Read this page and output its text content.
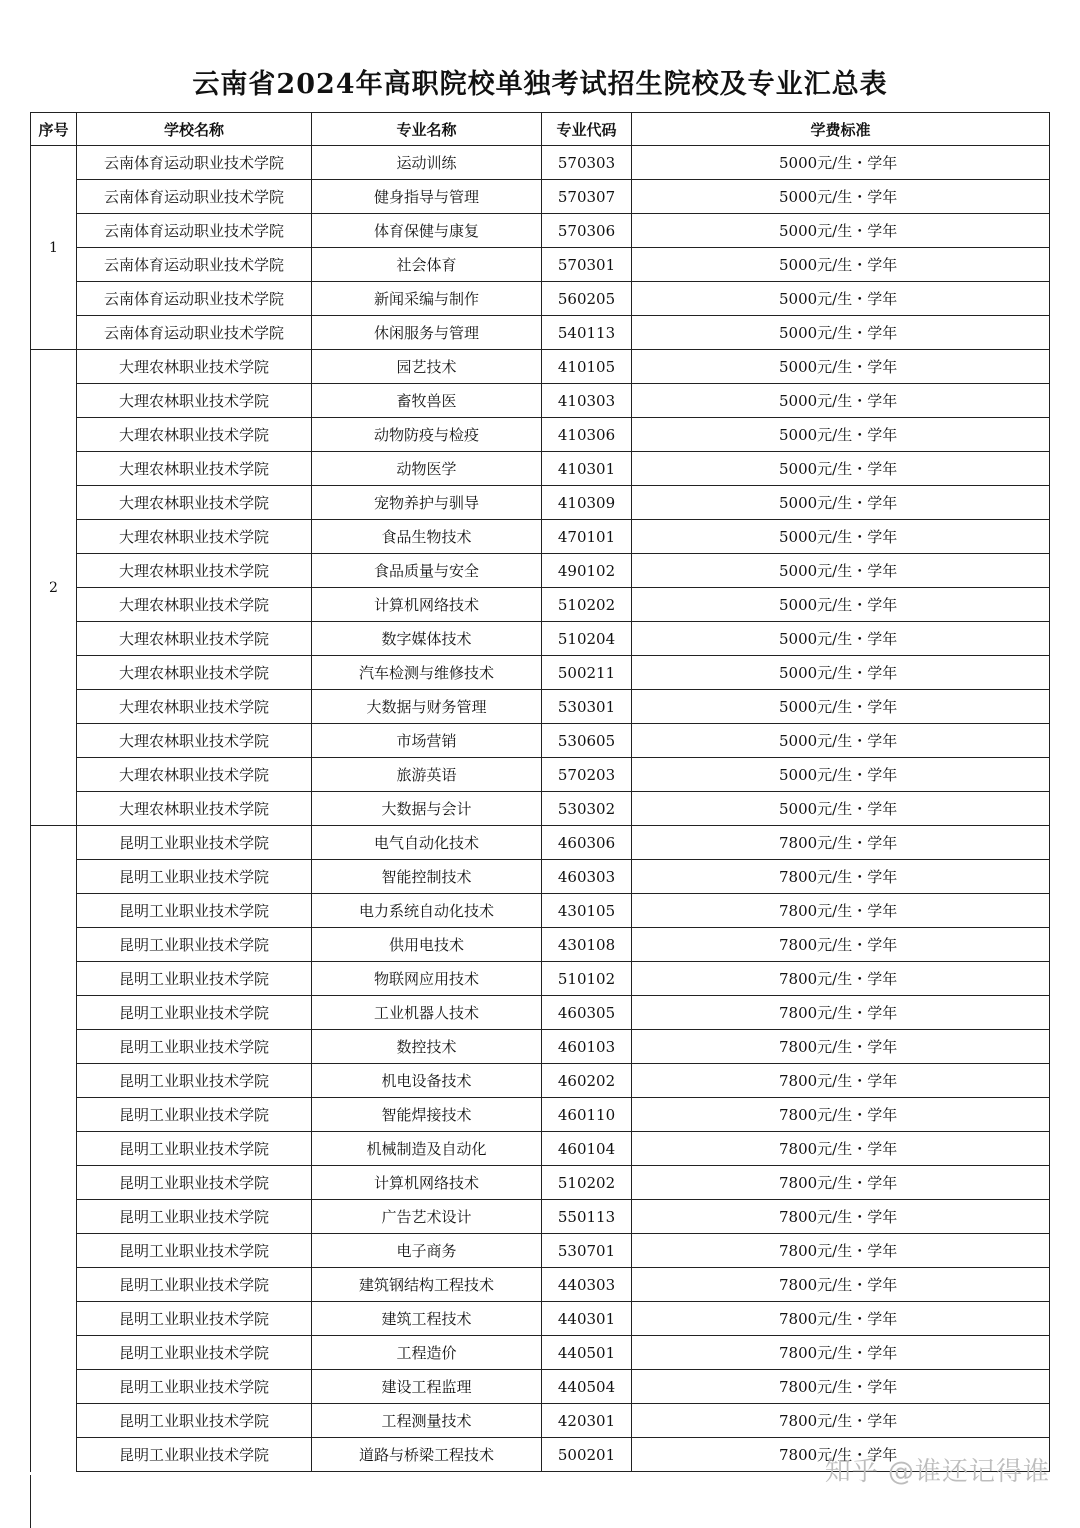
云南省2024年高职院校单独考试招生院校及专业汇总表
序号	学校名称	专业名称	专业代码	学费标准
1	云南体育运动职业技术学院	运动训练	570303	5000元/生・学年
	云南体育运动职业技术学院	健身指导与管理	570307	5000元/生・学年
	云南体育运动职业技术学院	体育保健与康复	570306	5000元/生・学年
	云南体育运动职业技术学院	社会体育	570301	5000元/生・学年
	云南体育运动职业技术学院	新闻采编与制作	560205	5000元/生・学年
	云南体育运动职业技术学院	休闲服务与管理	540113	5000元/生・学年
2	大理农林职业技术学院	园艺技术	410105	5000元/生・学年
	大理农林职业技术学院	畜牧兽医	410303	5000元/生・学年
	大理农林职业技术学院	动物防疫与检疫	410306	5000元/生・学年
	大理农林职业技术学院	动物医学	410301	5000元/生・学年
	大理农林职业技术学院	宠物养护与驯导	410309	5000元/生・学年
	大理农林职业技术学院	食品生物技术	470101	5000元/生・学年
	大理农林职业技术学院	食品质量与安全	490102	5000元/生・学年
	大理农林职业技术学院	计算机网络技术	510202	5000元/生・学年
	大理农林职业技术学院	数字媒体技术	510204	5000元/生・学年
	大理农林职业技术学院	汽车检测与维修技术	500211	5000元/生・学年
	大理农林职业技术学院	大数据与财务管理	530301	5000元/生・学年
	大理农林职业技术学院	市场营销	530605	5000元/生・学年
	大理农林职业技术学院	旅游英语	570203	5000元/生・学年
	大理农林职业技术学院	大数据与会计	530302	5000元/生・学年
	昆明工业职业技术学院	电气自动化技术	460306	7800元/生・学年
	昆明工业职业技术学院	智能控制技术	460303	7800元/生・学年
	昆明工业职业技术学院	电力系统自动化技术	430105	7800元/生・学年
	昆明工业职业技术学院	供用电技术	430108	7800元/生・学年
	昆明工业职业技术学院	物联网应用技术	510102	7800元/生・学年
	昆明工业职业技术学院	工业机器人技术	460305	7800元/生・学年
	昆明工业职业技术学院	数控技术	460103	7800元/生・学年
	昆明工业职业技术学院	机电设备技术	460202	7800元/生・学年
	昆明工业职业技术学院	智能焊接技术	460110	7800元/生・学年
	昆明工业职业技术学院	机械制造及自动化	460104	7800元/生・学年
	昆明工业职业技术学院	计算机网络技术	510202	7800元/生・学年
	昆明工业职业技术学院	广告艺术设计	550113	7800元/生・学年
	昆明工业职业技术学院	电子商务	530701	7800元/生・学年
	昆明工业职业技术学院	建筑钢结构工程技术	440303	7800元/生・学年
	昆明工业职业技术学院	建筑工程技术	440301	7800元/生・学年
	昆明工业职业技术学院	工程造价	440501	7800元/生・学年
	昆明工业职业技术学院	建设工程监理	440504	7800元/生・学年
	昆明工业职业技术学院	工程测量技术	420301	7800元/生・学年
	昆明工业职业技术学院	道路与桥梁工程技术	500201	7800元/生・学年
知乎 @谁还记得谁
